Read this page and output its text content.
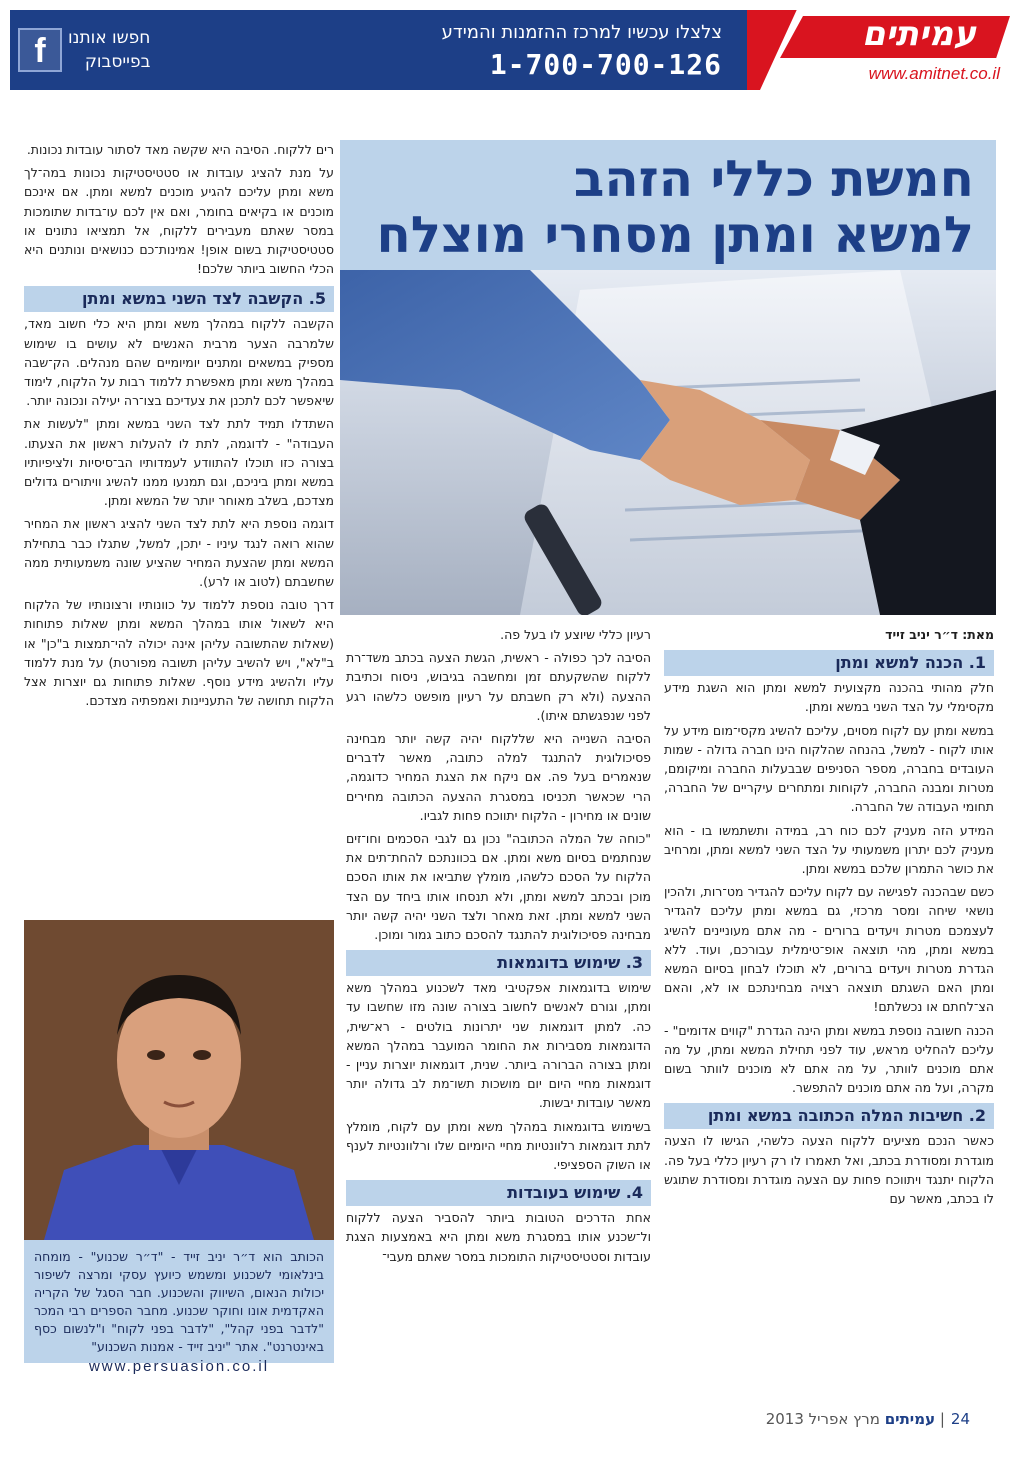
עמיתים
www.amitnet.co.il
צלצלו עכשיו למרכז ההזמנות והמידע
1-700-700-126
f	חפשו אותנו
בפייסבוק
חמשת כללי הזהב
למשא ומתן מסחרי מוצלח

רים ללקוח. הסיבה היא שקשה מאד לסתור עובדות נכונות.

על מנת להציג עובדות או סטטיסטיקות נכונות במה־לך משא ומתן עליכם להגיע מוכנים למשא ומתן. אם אינכם מוכנים או בקיאים בחומר, ואם אין לכם עו־בדות שתומכות במסר שאתם מעבירים ללקוח, אל תמציאו נתונים או סטטיסטיקות בשום אופן! אמינות־כם כנושאים ונותנים היא הכלי החשוב ביותר שלכם!

5. הקשבה לצד השני במשא ומתן

הקשבה ללקוח במהלך משא ומתן היא כלי חשוב מאד, שלמרבה הצער מרבית האנשים לא עושים בו שימוש מספיק במשאים ומתנים יומיומיים שהם מנהלים. הק־שבה במהלך משא ומתן מאפשרת ללמוד רבות על הלקוח, לימוד שיאפשר לכם לתכנן את צעדיכם בצו־רה יעילה ונכונה יותר.

השתדלו תמיד לתת לצד השני במשא ומתן "לעשות את העבודה" - לדוגמה, לתת לו להעלות ראשון את הצעתו. בצורה כזו תוכלו להתוודע לעמדותיו הב־סיסיות ולציפיותיו במשא ומתן ביניכם, וגם תמנעו ממנו להשיג וויתורים גדולים מצדכם, בשלב מאוחר יותר של המשא ומתן.

דוגמה נוספת היא לתת לצד השני להציג ראשון את המחיר שהוא רואה לנגד עיניו - יתכן, למשל, שתגלו כבר בתחילת המשא ומתן שהצעת המחיר שהציע שונה משמעותית ממה שחשבתם (לטוב או לרע).

דרך טובה נוספת ללמוד על כוונותיו ורצונותיו של הלקוח היא לשאול אותו במהלך המשא ומתן שאלות פתוחות (שאלות שהתשובה עליהן אינה יכולה להי־תמצות ב"כן" או ב"לא", ויש להשיב עליהן תשובה מפורטת) על מנת ללמוד עליו ולהשיג מידע נוסף. שאלות פתוחות גם יוצרות אצל הלקוח תחושה של התעניינות ואמפתיה מצדכם.

הכותב הוא ד״ר יניב זייד - "ד״ר שכנוע" - מומחה בינלאומי לשכנוע ומשמש כיועץ עסקי ומרצה לשיפור יכולות הנאום, השיווק והשכנוע. חבר הסגל של הקריה האקדמית אונו וחוקר שכנוע. מחבר הספרים רבי המכר "לדבר בפני קהל", "לדבר בפני לקוח" ו"לנשום כסף באינטרנט". אתר "יניב זייד - אמנות השכנוע"
www.persuasion.co.il

רעיון כללי שיוצע לו בעל פה.

הסיבה לכך כפולה - ראשית, הגשת הצעה בכתב משד־רת ללקוח שהשקעתם זמן ומחשבה בגיבוש, ניסוח וכתיבת ההצעה (ולא רק חשבתם על רעיון מופשט כלשהו רגע לפני שנפגשתם איתו).

הסיבה השנייה היא שללקוח יהיה קשה יותר מבחינה פסיכולוגית להתנגד למלה כתובה, מאשר לדברים שנאמרים בעל פה. אם ניקח את הצגת המחיר כדוגמה, הרי שכאשר תכניסו במסגרת ההצעה הכתובה מחירים שונים או מחירון - הלקוח יתווכח פחות לגביו.

"כוחה של המלה הכתובה" נכון גם לגבי הסכמים וחו־זים שנחתמים בסיום משא ומתן. אם בכוונתכם להחת־תים את הלקוח על הסכם כלשהו, מומלץ שתביאו את אותו הסכם מוכן ובכתב למשא ומתן, ולא תנסחו אותו ביחד עם הצד השני למשא ומתן. זאת מאחר ולצד השני יהיה קשה יותר מבחינה פסיכולוגית להתנגד להסכם כתוב גמור ומוכן.

3. שימוש בדוגמאות

שימוש בדוגמאות אפקטיבי מאד לשכנוע במהלך משא ומתן, וגורם לאנשים לחשוב בצורה שונה מזו שחשבו עד כה. למתן דוגמאות שני יתרונות בולטים - רא־שית, הדוגמאות מסבירות את החומר המועבר במהלך המשא ומתן בצורה הברורה ביותר. שנית, דוגמאות יוצרות עניין - דוגמאות מחיי היום יום מושכות תשו־מת לב גדולה יותר מאשר עובדות יבשות.

בשימוש בדוגמאות במהלך משא ומתן עם לקוח, מומלץ לתת דוגמאות רלוונטיות מחיי היומיום שלו ורלוונטיות לענף או השוק הספציפי.

4. שימוש בעובדות

אחת הדרכים הטובות ביותר להסביר הצעה ללקוח ול־שכנע אותו במסגרת משא ומתן היא באמצעות הצגת עובדות וסטטיסטיקות התומכות במסר שאתם מעבי־

מאת: ד״ר יניב זייד

1. הכנה למשא ומתן

חלק מהותי בהכנה מקצועית למשא ומתן הוא השגת מידע מקסימלי על הצד השני במשא ומתן.

במשא ומתן עם לקוח מסוים, עליכם להשיג מקסי־מום מידע על אותו לקוח - למשל, בהנחה שהלקוח הינו חברה גדולה - שמות העובדים בחברה, מספר הסניפים שבבעלות החברה ומיקומם, מטרות ומבנה החברה, לקוחות ומתחרים עיקריים של החברה, תחומי העבודה של החברה.

המידע הזה מעניק לכם כוח רב, במידה ותשתמשו בו - הוא מעניק לכם יתרון משמעותי על הצד השני למשא ומתן, ומרחיב את כושר התמרון שלכם במשא ומתן.

כשם שבהכנה לפגישה עם לקוח עליכם להגדיר מט־רות, ולהכין נושאי שיחה ומסר מרכזי, גם במשא ומתן עליכם להגדיר לעצמכם מטרות ויעדים ברורים - מה אתם מעוניינים להשיג במשא ומתן, מהי תוצאה אופ־טימלית עבורכם, ועוד. ללא הגדרת מטרות ויעדים ברורים, לא תוכלו לבחון בסיום המשא ומתן האם השגתם תוצאה רצויה מבחינתכם או לא, והאם הצ־לחתם או נכשלתם!

הכנה חשובה נוספת במשא ומתן הינה הגדרת "קווים אדומים" - עליכם להחליט מראש, עוד לפני תחילת המשא ומתן, על מה אתם מוכנים לוותר, על מה אתם לא מוכנים לוותר בשום מקרה, ועל מה אתם מוכנים להתפשר.

2. חשיבות המלה הכתובה במשא ומתן

כאשר הנכם מציעים ללקוח הצעה כלשהי, הגישו לו הצעה מוגדרת ומסודרת בכתב, ואל תאמרו לו רק רעיון כללי בעל פה. הלקוח יתנגד ויתווכח פחות עם הצעה מוגדרת ומסודרת שתוגש לו בכתב, מאשר עם

24| עמיתים מרץ אפריל 2013
